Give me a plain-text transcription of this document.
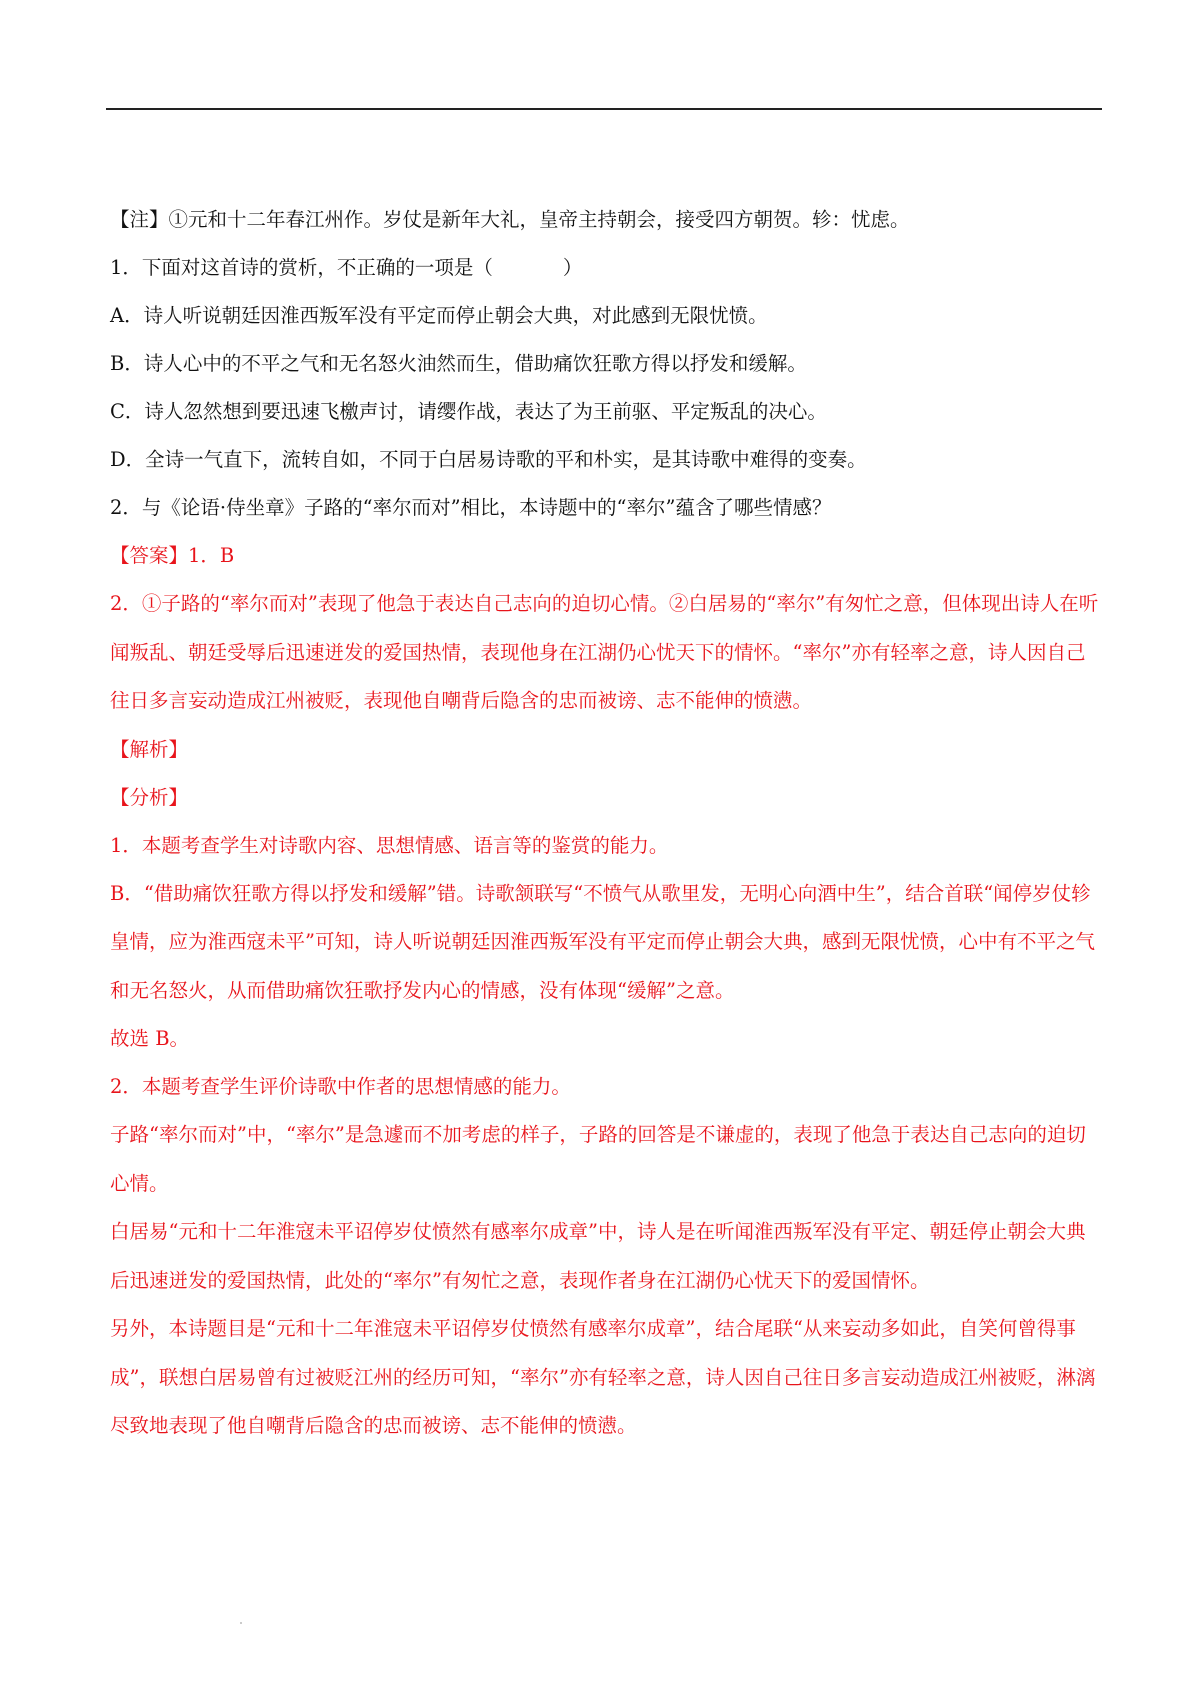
【注】①元和十二年春江州作。岁仗是新年大礼，皇帝主持朝会，接受四方朝贺。轸：忧虑。

1．下面对这首诗的赏析，不正确的一项是（	）

A．诗人听说朝廷因淮西叛军没有平定而停止朝会大典，对此感到无限忧愤。

B．诗人心中的不平之气和无名怒火油然而生，借助痛饮狂歌方得以抒发和缓解。

C．诗人忽然想到要迅速飞檄声讨，请缨作战，表达了为王前驱、平定叛乱的决心。

D．全诗一气直下，流转自如，不同于白居易诗歌的平和朴实，是其诗歌中难得的变奏。

2．与《论语·侍坐章》子路的“率尔而对”相比，本诗题中的“率尔”蕴含了哪些情感？

【答案】1．B

2．①子路的“率尔而对”表现了他急于表达自己志向的迫切心情。②白居易的“率尔”有匆忙之意，但体现出诗人在听闻叛乱、朝廷受辱后迅速迸发的爱国热情，表现他身在江湖仍心忧天下的情怀。“率尔”亦有轻率之意，诗人因自己往日多言妄动造成江州被贬，表现他自嘲背后隐含的忠而被谤、志不能伸的愤懑。

【解析】

【分析】

1．本题考查学生对诗歌内容、思想情感、语言等的鉴赏的能力。

B．“借助痛饮狂歌方得以抒发和缓解”错。诗歌颔联写“不愤气从歌里发，无明心向酒中生”，结合首联“闻停岁仗轸皇情，应为淮西寇未平”可知，诗人听说朝廷因淮西叛军没有平定而停止朝会大典，感到无限忧愤，心中有不平之气和无名怒火，从而借助痛饮狂歌抒发内心的情感，没有体现“缓解”之意。

故选 B。

2．本题考查学生评价诗歌中作者的思想情感的能力。

子路“率尔而对”中，“率尔”是急遽而不加考虑的样子，子路的回答是不谦虚的，表现了他急于表达自己志向的迫切心情。

白居易“元和十二年淮寇未平诏停岁仗愤然有感率尔成章”中，诗人是在听闻淮西叛军没有平定、朝廷停止朝会大典后迅速迸发的爱国热情，此处的“率尔”有匆忙之意，表现作者身在江湖仍心忧天下的爱国情怀。

另外，本诗题目是“元和十二年淮寇未平诏停岁仗愤然有感率尔成章”，结合尾联“从来妄动多如此，自笑何曾得事成”，联想白居易曾有过被贬江州的经历可知，“率尔”亦有轻率之意，诗人因自己往日多言妄动造成江州被贬，淋漓尽致地表现了他自嘲背后隐含的忠而被谤、志不能伸的愤懑。
